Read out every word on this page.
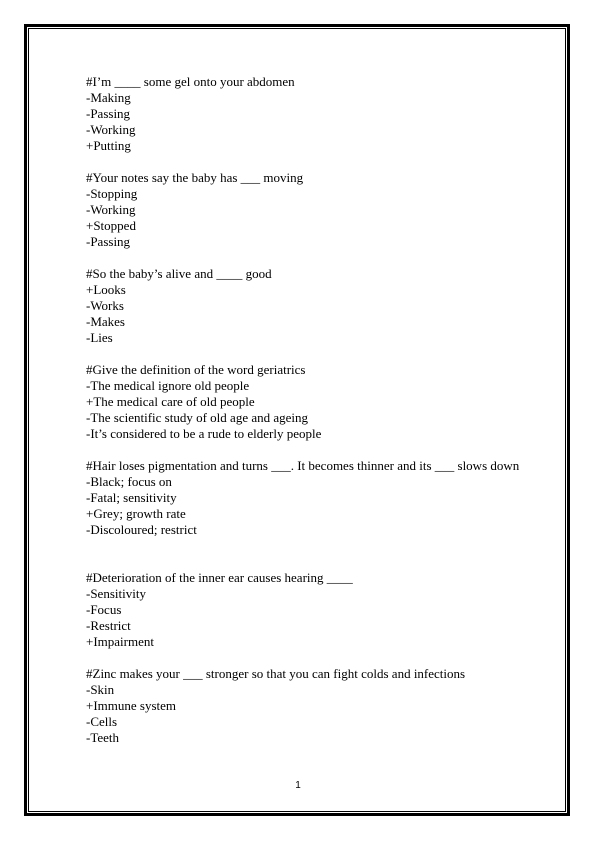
#I’m ____ some gel onto your abdomen
-Making
-Passing
-Working
+Putting
#Your notes say the baby has ___ moving
-Stopping
-Working
+Stopped
-Passing
#So the baby’s alive and ____ good
+Looks
-Works
-Makes
-Lies
#Give the definition of the word geriatrics
-The medical ignore old people
+The medical care of old people
-The scientific study of old age and ageing
-It’s considered to be a rude to elderly people
#Hair loses pigmentation and turns ___. It becomes thinner and its ___ slows down
-Black; focus on
-Fatal; sensitivity
+Grey; growth rate
-Discoloured; restrict
#Deterioration of the inner ear causes hearing ____
-Sensitivity
-Focus
-Restrict
+Impairment
#Zinc makes your ___ stronger so that you can fight colds and infections
-Skin
+Immune system
-Cells
-Teeth
1
